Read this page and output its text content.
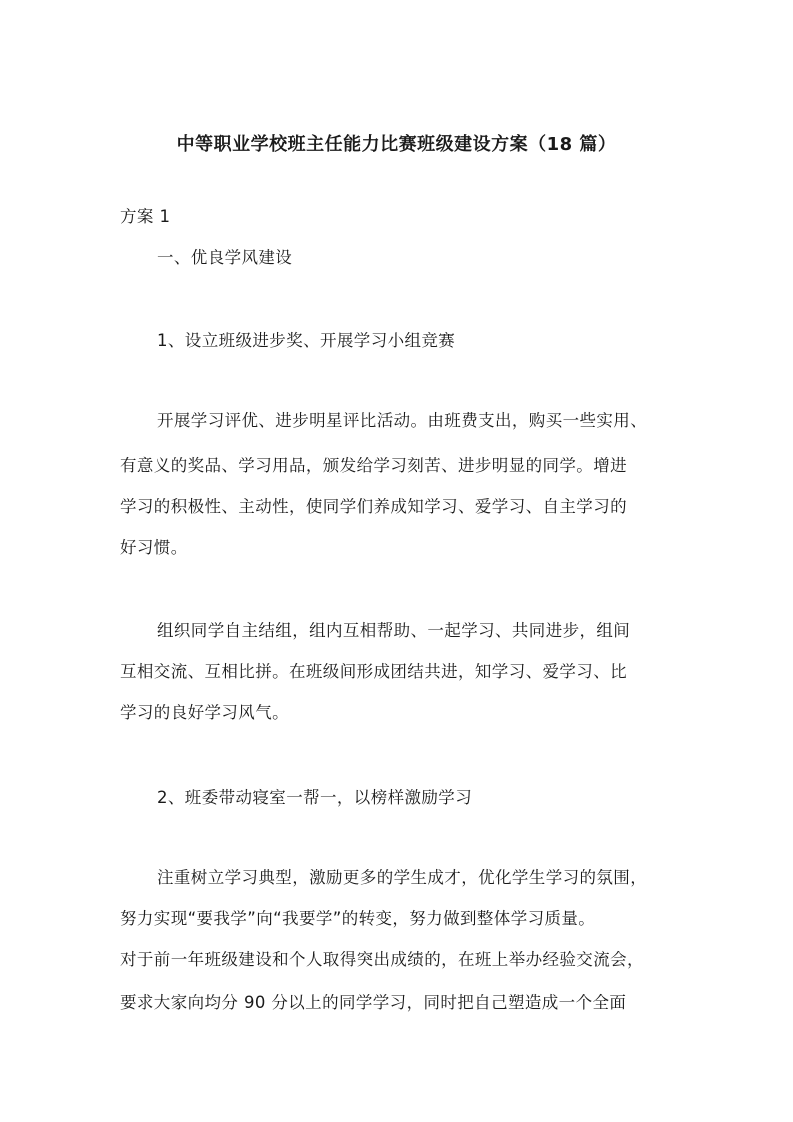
中等职业学校班主任能力比赛班级建设方案（18 篇）
方案 1
一、优良学风建设
1、设立班级进步奖、开展学习小组竞赛
开展学习评优、进步明星评比活动。由班费支出，购买一些实用、
有意义的奖品、学习用品，颁发给学习刻苦、进步明显的同学。增进
学习的积极性、主动性，使同学们养成知学习、爱学习、自主学习的
好习惯。
组织同学自主结组，组内互相帮助、一起学习、共同进步，组间
互相交流、互相比拼。在班级间形成团结共进，知学习、爱学习、比
学习的良好学习风气。
2、班委带动寝室一帮一，以榜样激励学习
注重树立学习典型，激励更多的学生成才，优化学生学习的氛围，
努力实现“要我学”向“我要学”的转变，努力做到整体学习质量。
对于前一年班级建设和个人取得突出成绩的，在班上举办经验交流会，
要求大家向均分 90 分以上的同学学习，同时把自己塑造成一个全面
